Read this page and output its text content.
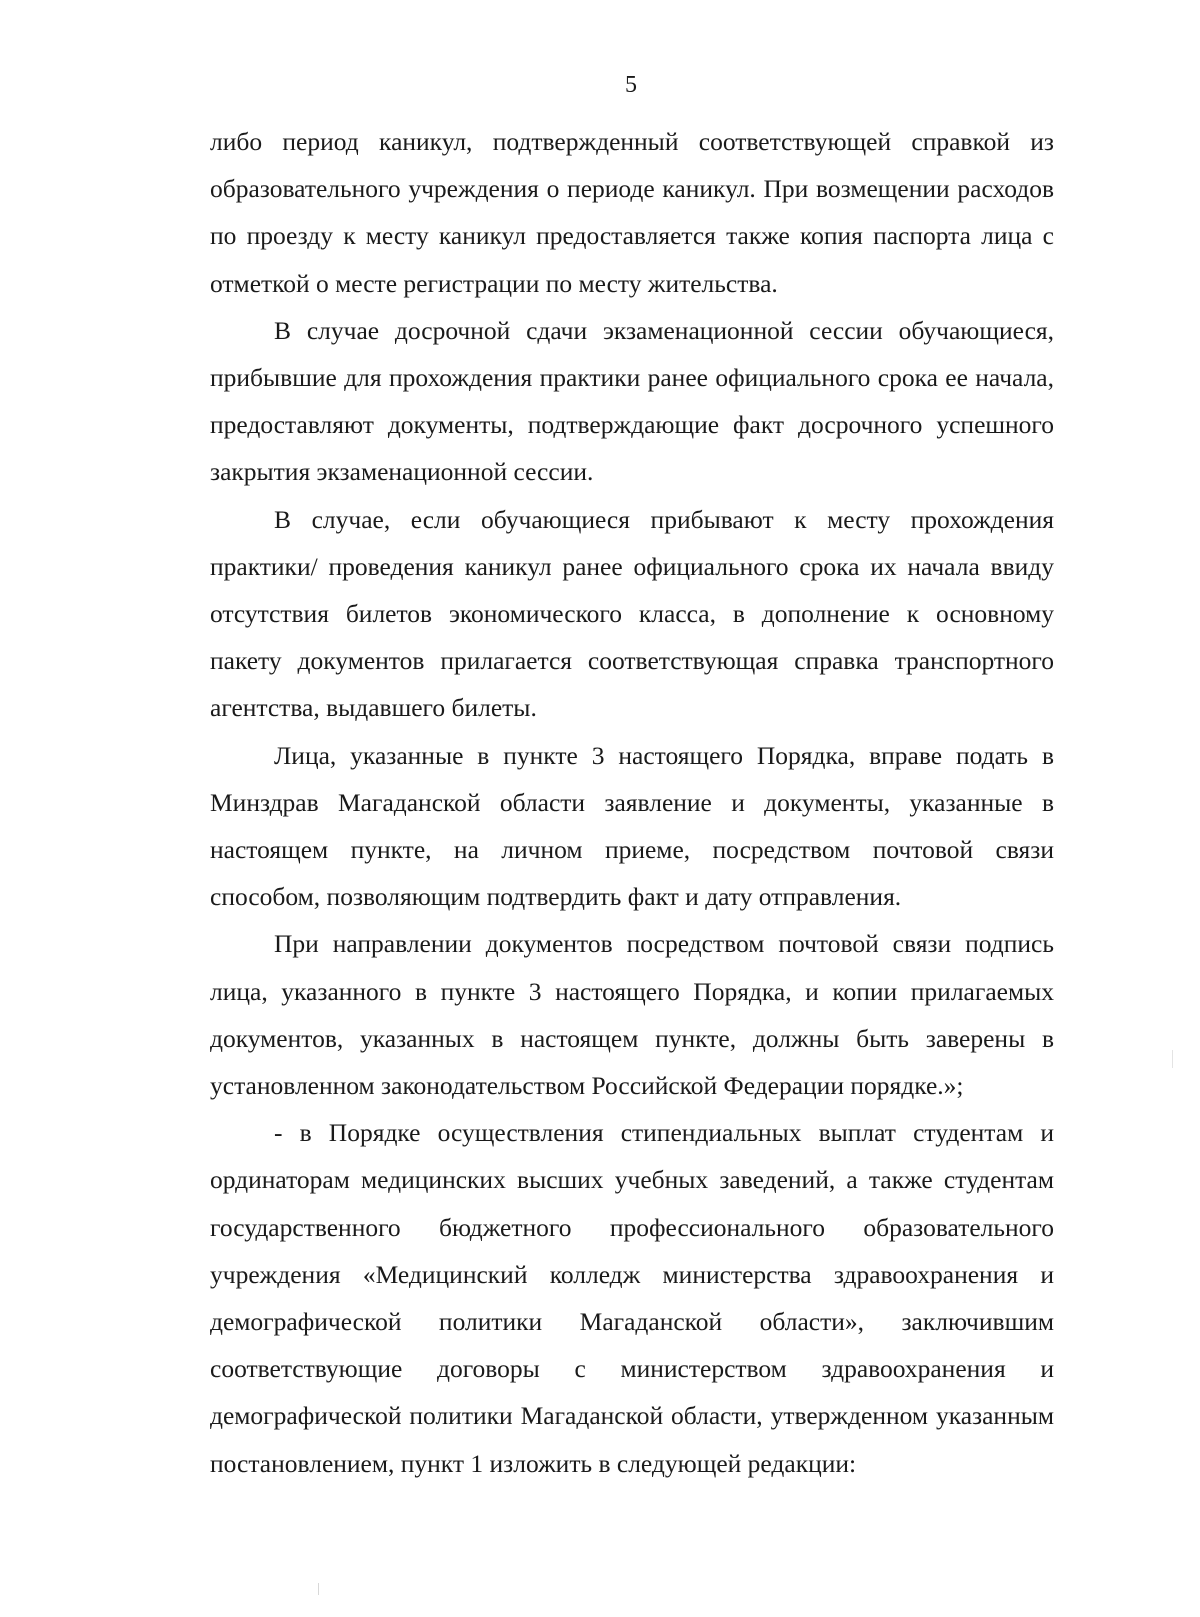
5

либо период каникул, подтвержденный соответствующей справкой из образовательного учреждения о периоде каникул. При возмещении расходов по проезду к месту каникул предоставляется также копия паспорта лица с отметкой о месте регистрации по месту жительства.

В случае досрочной сдачи экзаменационной сессии обучающиеся, прибывшие для прохождения практики ранее официального срока ее начала, предоставляют документы, подтверждающие факт досрочного успешного закрытия экзаменационной сессии.

В случае, если обучающиеся прибывают к месту прохождения практики/ проведения каникул ранее официального срока их начала ввиду отсутствия билетов экономического класса, в дополнение к основному пакету документов прилагается соответствующая справка транспортного агентства, выдавшего билеты.

Лица, указанные в пункте 3 настоящего Порядка, вправе подать в Минздрав Магаданской области заявление и документы, указанные в настоящем пункте, на личном приеме, посредством почтовой связи способом, позволяющим подтвердить факт и дату отправления.

При направлении документов посредством почтовой связи подпись лица, указанного в пункте 3 настоящего Порядка, и копии прилагаемых документов, указанных в настоящем пункте, должны быть заверены в установленном законодательством Российской Федерации порядке.»;

- в Порядке осуществления стипендиальных выплат студентам и ординаторам медицинских высших учебных заведений, а также студентам государственного бюджетного профессионального образовательного учреждения «Медицинский колледж министерства здравоохранения и демографической политики Магаданской области», заключившим соответствующие договоры с министерством здравоохранения и демографической политики Магаданской области, утвержденном указанным постановлением, пункт 1 изложить в следующей редакции:
